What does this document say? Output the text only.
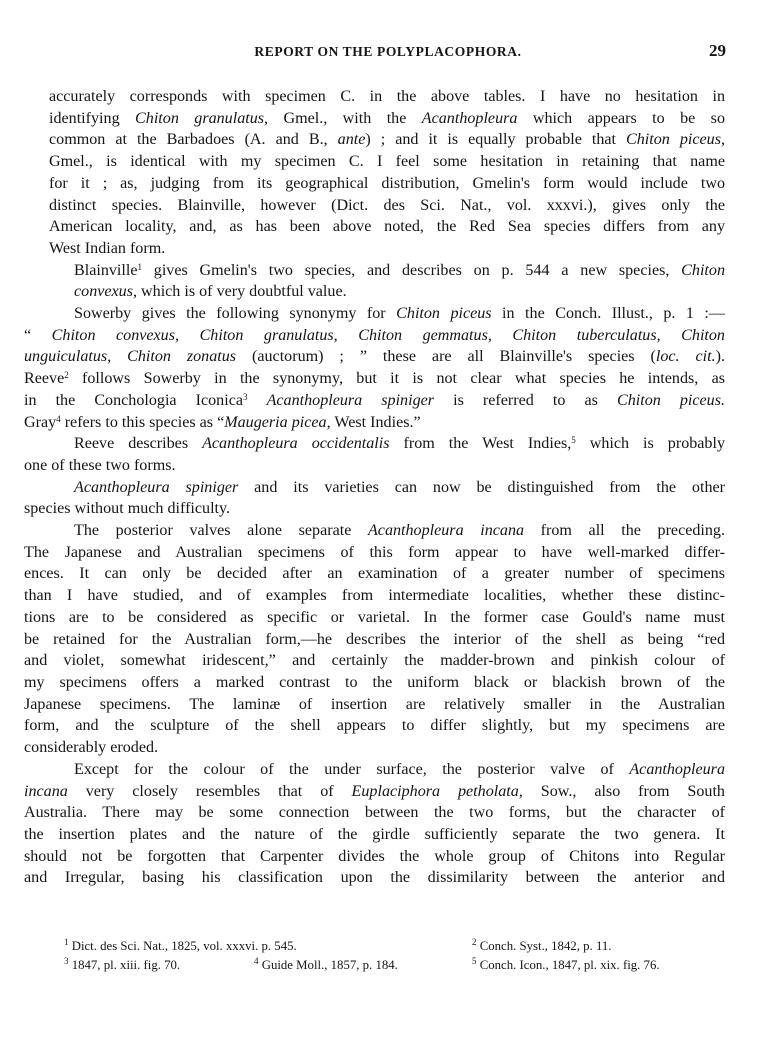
REPORT ON THE POLYPLACOPHORA.	29

accurately corresponds with specimen C. in the above tables. I have no hesitation in
identifying Chiton granulatus, Gmel., with the Acanthopleura which appears to be so
common at the Barbadoes (A. and B., ante) ; and it is equally probable that Chiton piceus,
Gmel., is identical with my specimen C. I feel some hesitation in retaining that name
for it ; as, judging from its geographical distribution, Gmelin's form would include two
distinct species. Blainville, however (Dict. des Sci. Nat., vol. xxxvi.), gives only the
American locality, and, as has been above noted, the Red Sea species differs from any
West Indian form.

Blainville$^1$ gives Gmelin's two species, and describes on p. 544 a new species, Chiton
convexus, which is of very doubtful value.

Sowerby gives the following synonymy for Chiton piceus in the Conch. Illust., p. 1 :—
“ Chiton convexus, Chiton granulatus, Chiton gemmatus, Chiton tuberculatus, Chiton
unguiculatus, Chiton zonatus (auctorum) ; ” these are all Blainville's species (loc. cit.).
Reeve$^2$ follows Sowerby in the synonymy, but it is not clear what species he intends, as
in the Conchologia Iconica$^3$ Acanthopleura spiniger is referred to as Chiton piceus.
Gray$^4$ refers to this species as “Maugeria picea, West Indies.”

Reeve describes Acanthopleura occidentalis from the West Indies,$^5$ which is probably
one of these two forms.

Acanthopleura spiniger and its varieties can now be distinguished from the other
species without much difficulty.

The posterior valves alone separate Acanthopleura incana from all the preceding.
The Japanese and Australian specimens of this form appear to have well-marked differ-
ences. It can only be decided after an examination of a greater number of specimens
than I have studied, and of examples from intermediate localities, whether these distinc-
tions are to be considered as specific or varietal. In the former case Gould's name must
be retained for the Australian form,—he describes the interior of the shell as being “red
and violet, somewhat iridescent,” and certainly the madder-brown and pinkish colour of
my specimens offers a marked contrast to the uniform black or blackish brown of the
Japanese specimens. The laminæ of insertion are relatively smaller in the Australian
form, and the sculpture of the shell appears to differ slightly, but my specimens are
considerably eroded.

Except for the colour of the under surface, the posterior valve of Acanthopleura
incana very closely resembles that of Euplaciphora petholata, Sow., also from South
Australia. There may be some connection between the two forms, but the character of
the insertion plates and the nature of the girdle sufficiently separate the two genera. It
should not be forgotten that Carpenter divides the whole group of Chitons into Regular
and Irregular, basing his classification upon the dissimilarity between the anterior and

$^1$ Dict. des Sci. Nat., 1825, vol. xxxvi. p. 545.	$^2$ Conch. Syst., 1842, p. 11.
$^3$ 1847, pl. xiii. fig. 70.	$^4$ Guide Moll., 1857, p. 184.	$^5$ Conch. Icon., 1847, pl. xix. fig. 76.
